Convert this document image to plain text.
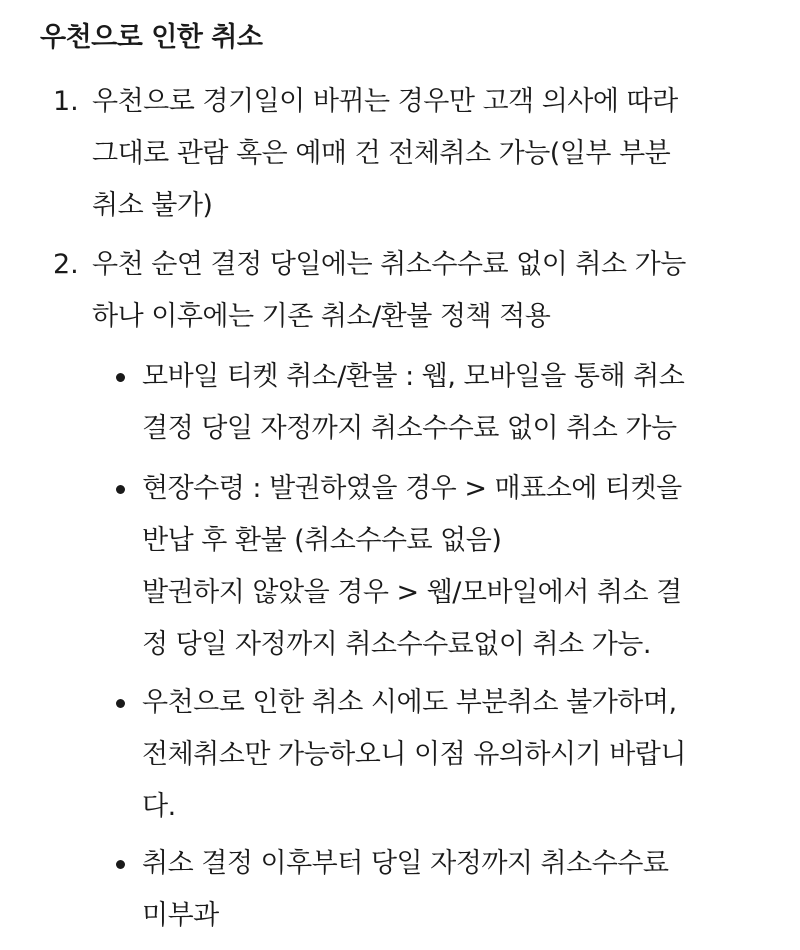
우천으로 인한 취소
1. 우천으로 경기일이 바뀌는 경우만 고객 의사에 따라
그대로 관람 혹은 예매 건 전체취소 가능(일부 부분
취소 불가)

2. 우천 순연 결정 당일에는 취소수수료 없이 취소 가능
하나 이후에는 기존 취소/환불 정책 적용

모바일 티켓 취소/환불 : 웹, 모바일을 통해 취소
결정 당일 자정까지 취소수수료 없이 취소 가능

현장수령 : 발권하였을 경우 > 매표소에 티켓을
반납 후 환불 (취소수수료 없음)
발권하지 않았을 경우 > 웹/모바일에서 취소 결
정 당일 자정까지 취소수수료없이 취소 가능.

우천으로 인한 취소 시에도 부분취소 불가하며,
전체취소만 가능하오니 이점 유의하시기 바랍니
다.

취소 결정 이후부터 당일 자정까지 취소수수료
미부과
